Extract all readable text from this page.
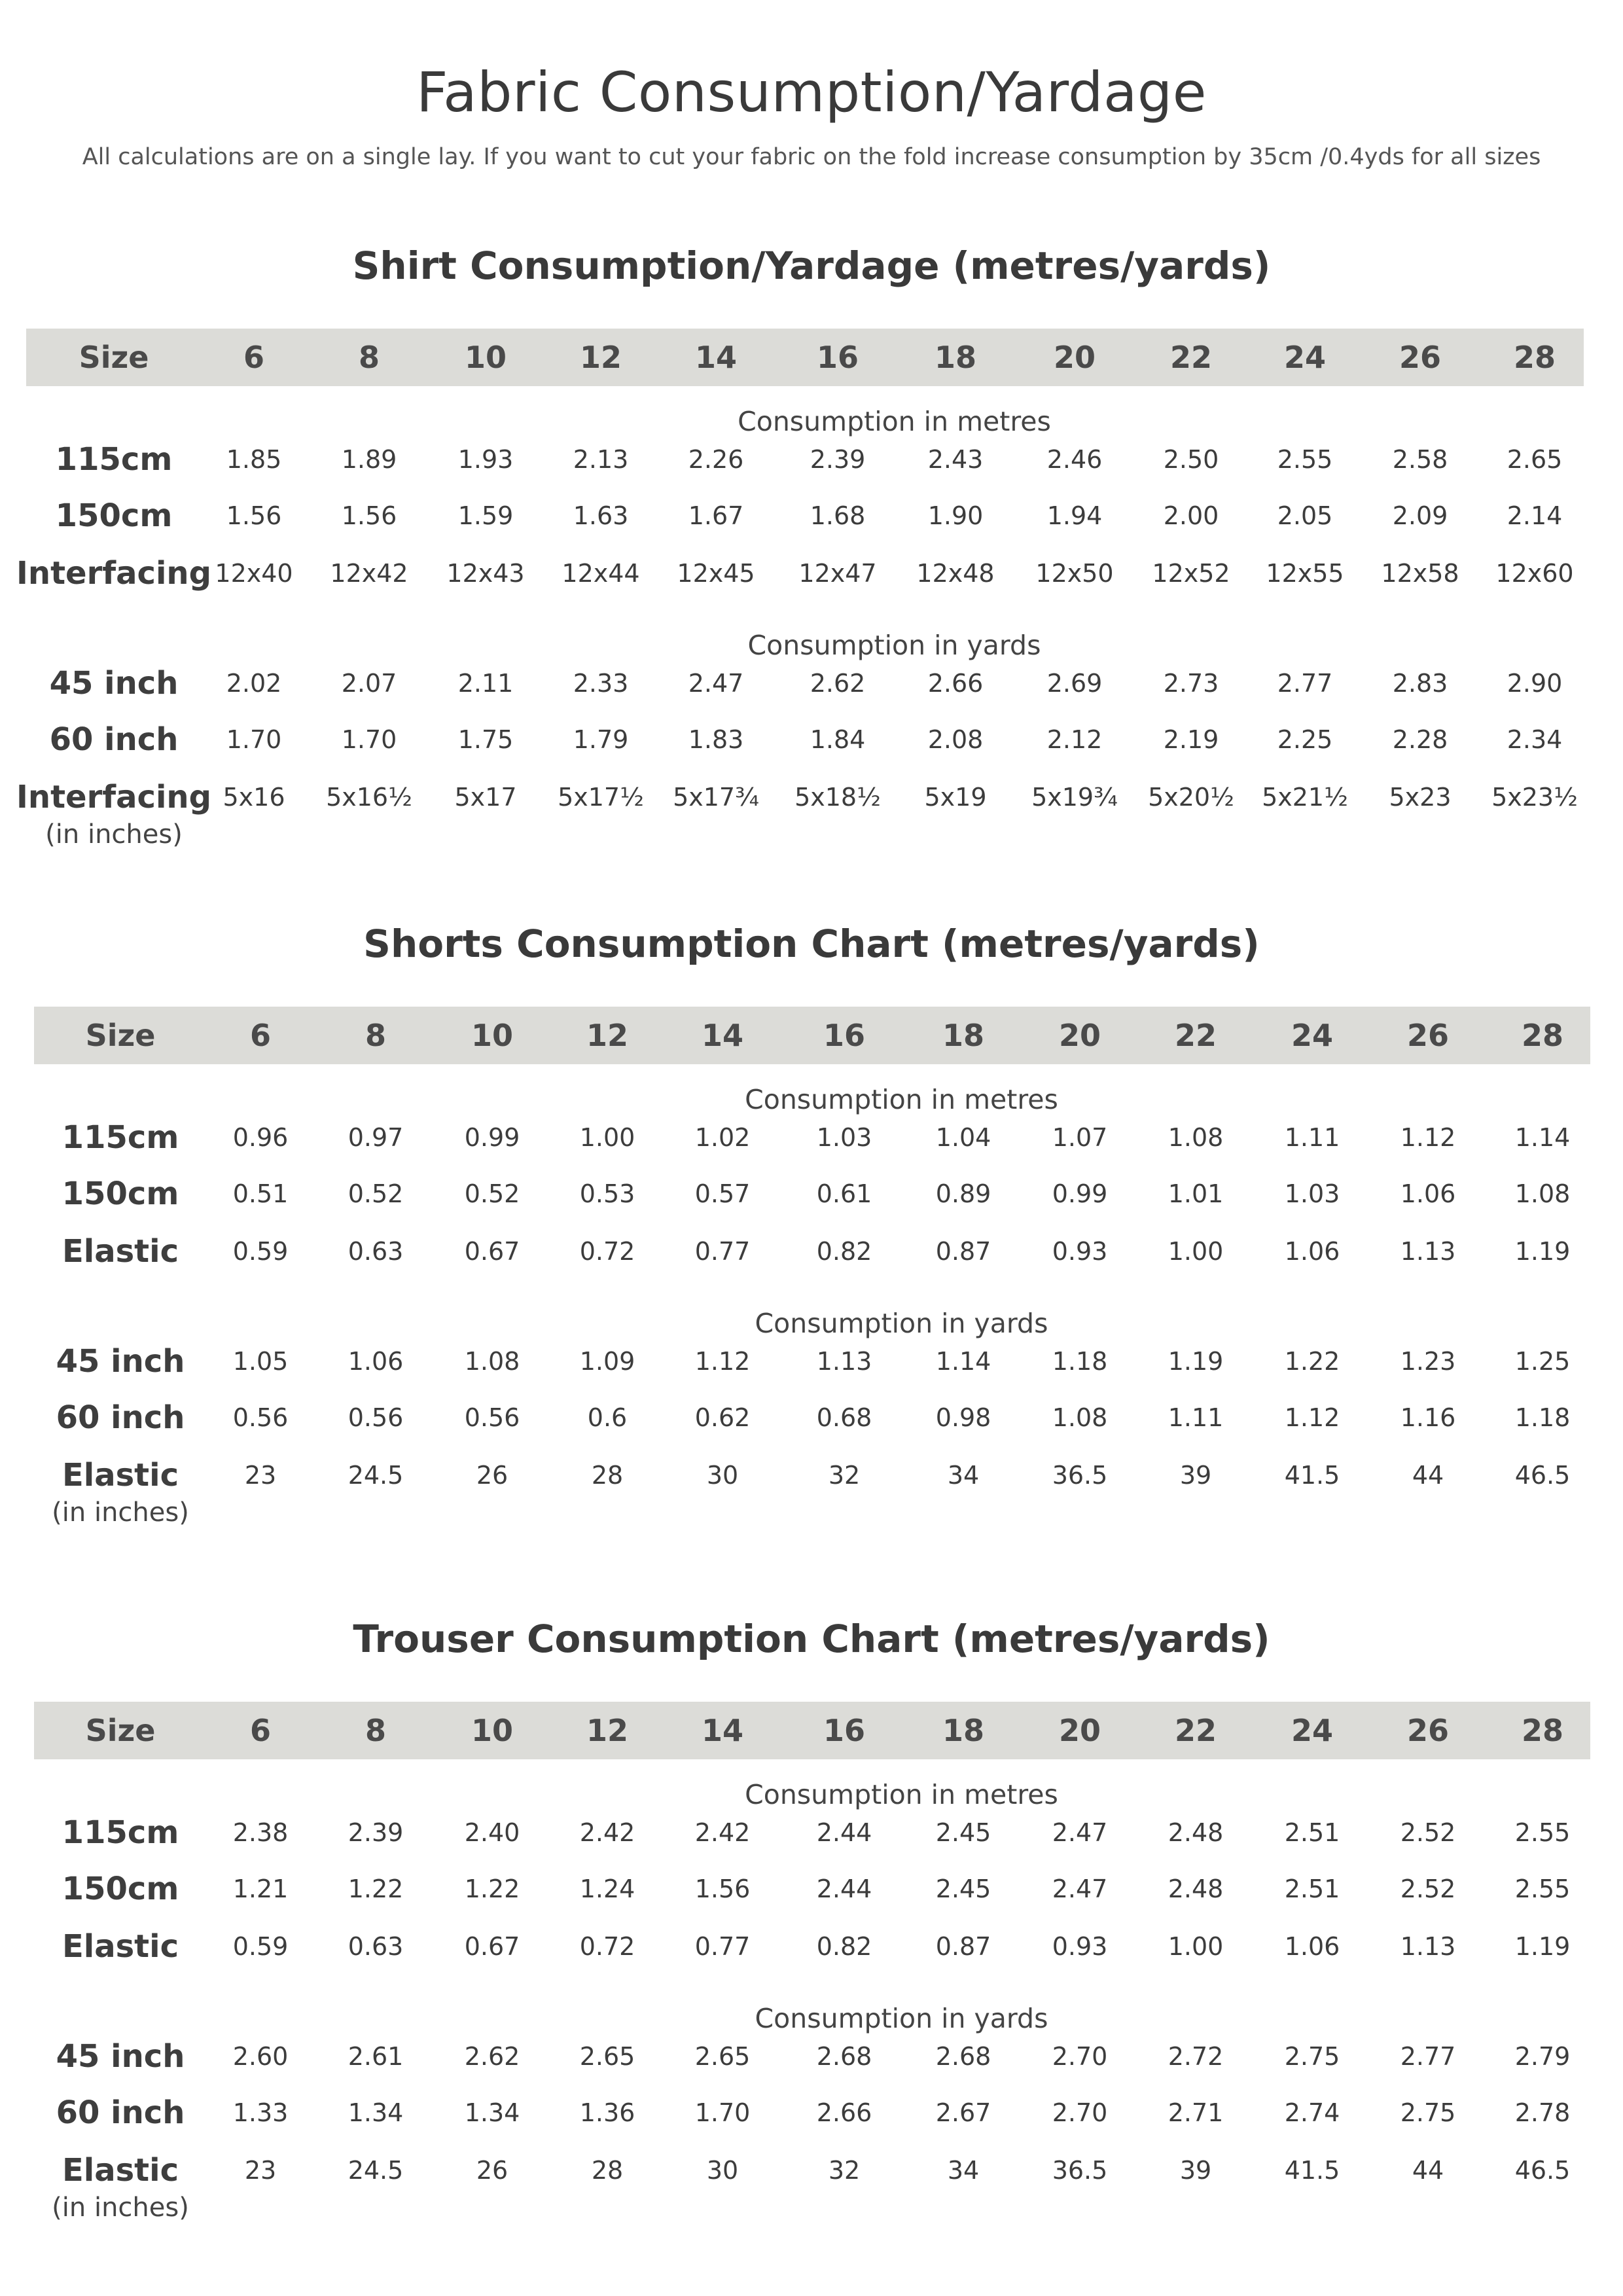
Fabric Consumption/Yardage

All calculations are on a single lay. If you want to cut your fabric on the fold increase consumption by 35cm /0.4yds for all sizes

Shirt Consumption/Yardage (metres/yards)
Size	6	8	10 12 14	16	18	20 22 24 26 28
Consumption in metres
Consumption in yards
115cm 1.85 1.89 1.93 2.13 2.26	2.39	2.43	2.46 2.50 2.55 2.58 2.65
150cm 1.56 1.56 1.59 1.63 1.67	1.68	1.90	1.94 2.00 2.05 2.09 2.14
Interfacing 12x40 12x42 12x43 12x44 12x45 12x47 12x48 12x50 12x52 12x55 12x58 12x60
45 inch 2.02 2.07 2.11 2.33 2.47	2.62	2.66	2.69 2.73 2.77 2.83 2.90
60 inch 1.70 1.70 1.75 1.79 1.83	1.84	2.08	2.12 2.19 2.25 2.28 2.34
Interfacing 5x16 5x16½ 5x17 5x17½ 5x17¾ 5x18½ 5x19 5x19¾ 5x20½ 5x21½ 5x23 5x23½
(in inches)
Shorts Consumption Chart (metres/yards)
Size	6	8	10 12 14	16	18 20 22 24 26 28
Consumption in metres
Consumption in yards
115cm 0.96 0.97 0.99 1.00 1.02	1.03	1.04 1.07 1.08 1.11 1.12 1.14
150cm 0.51 0.52 0.52 0.53 0.57	0.61	0.89 0.99 1.01 1.03 1.06 1.08
Elastic 0.59 0.63 0.67 0.72 0.77	0.82	0.87 0.93 1.00 1.06 1.13 1.19
45 inch 1.05 1.06 1.08 1.09 1.12	1.13	1.14 1.18 1.19 1.22 1.23 1.25
60 inch 0.56 0.56 0.56	0.6	0.62	0.68	0.98 1.08 1.11 1.12 1.16 1.18
Elastic	23	24.5	26	28	30	32	34	36.5	39	41.5	44	46.5
(in inches)
Trouser Consumption Chart (metres/yards)
Size	6	8	10 12 14	16	18 20 22 24 26 28
Consumption in metres
Consumption in yards
115cm 2.38 2.39 2.40 2.42 2.42	2.44	2.45 2.47 2.48 2.51 2.52 2.55
150cm 1.21 1.22 1.22 1.24 1.56	2.44	2.45 2.47 2.48 2.51 2.52 2.55
Elastic 0.59 0.63 0.67 0.72 0.77	0.82	0.87 0.93 1.00 1.06 1.13 1.19
45 inch 2.60 2.61 2.62 2.65 2.65	2.68	2.68 2.70 2.72 2.75 2.77 2.79
60 inch 1.33 1.34 1.34 1.36 1.70	2.66	2.67 2.70 2.71 2.74 2.75 2.78
Elastic	23	24.5	26	28	30	32	34	36.5	39	41.5	44	46.5
(in inches)
